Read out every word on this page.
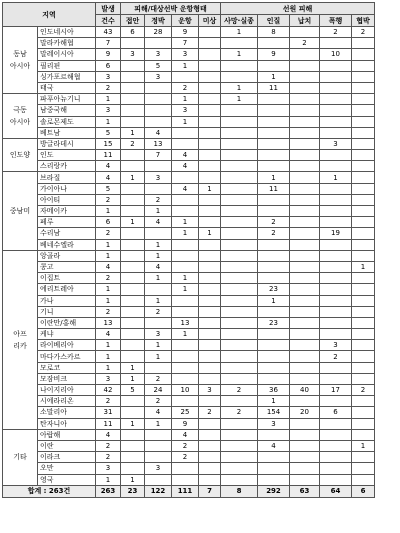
지역		발생	피해/대상선박 운항형태				선원 피해				
		건수	접안	정박	운항	미상	사망·실종	인질	납치	폭행	협박
동남
아시아	인도네시아	43	6	28	9		1	8		2	2
	말라카해협	7			7				2		
	말레이시아	9	3	3	3		1	9		10	
	필리핀	6		5	1						
	싱가포르해협	3		3				1			
	태국	2			2		1	11			
극동
아시아	파푸아뉴기니	1			1		1				
	남중국해	3			3						
	솔로몬제도	1			1						
	베트남	5	1	4							
인도양	방글라데시	15	2	13						3	
	인도	11		7	4						
	스리랑카	4			4						
중남미	브라질	4	1	3				1		1	
	가이아나	5			4	1		11			
	아이티	2		2							
	자메이카	1		1							
	페루	6	1	4	1			2			
	수리남	2			1	1		2		19	
	베네수엘라	1		1							
아프
리카	앙골라	1		1							
	콩고	4		4							1
	이집트	2		1	1						
	에리트레아	1			1			23			
	가나	1		1				1			
	기니	2		2							
	이란만/홍해	13			13			23			
	케냐	4		3	1						
	라이베리아	1		1						3	
	마다가스카르	1		1						2	
	모로코	1	1								
	모잠비크	3	1	2							
	나이지리아	42	5	24	10	3	2	36	40	17	2
	시에라리온	2		2				1			
	소말리아	31		4	25	2	2	154	20	6	
	탄자니아	11	1	1	9			3			
기타	아랍해	4			4						
	이란	2			2			4			1
	이라크	2			2						
	오만	3		3							
	영국	1	1								
합계 : 263건		263	23	122	111	7	8	292	63	64	6
